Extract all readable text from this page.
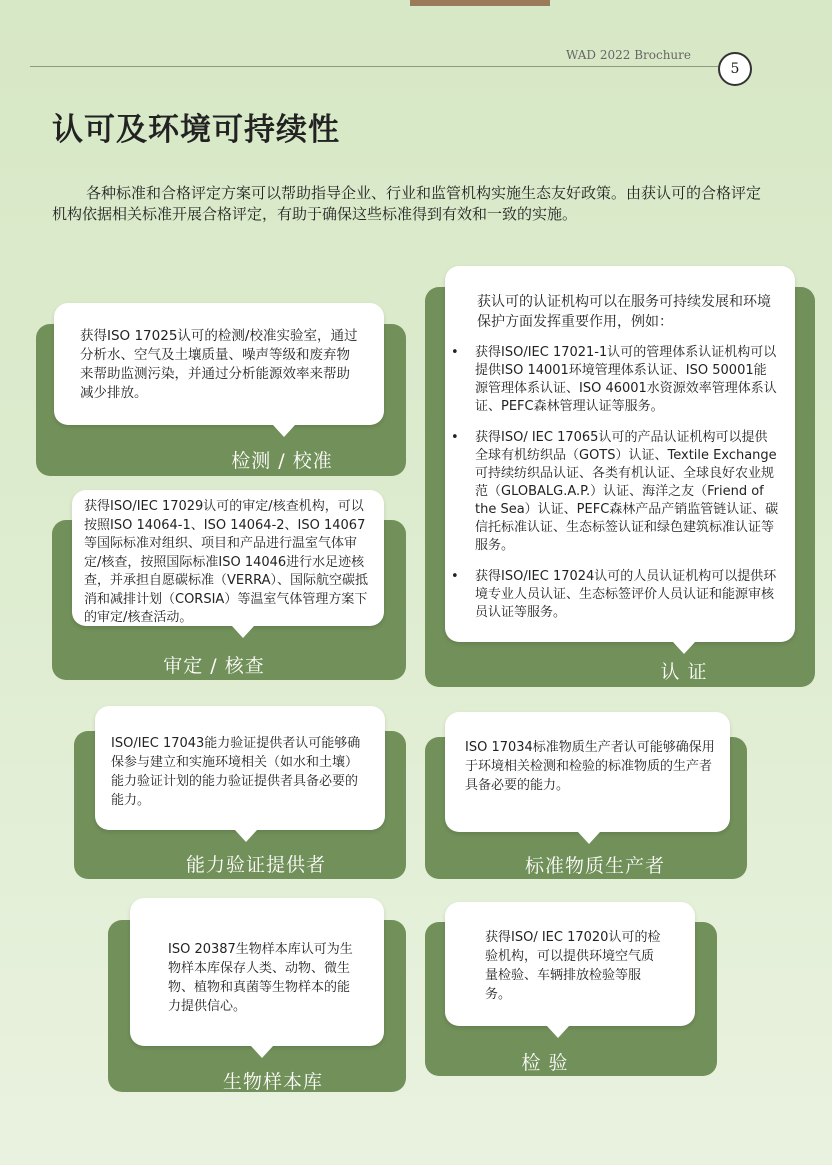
WAD 2022 Brochure
5
认可及环境可持续性
各种标准和合格评定方案可以帮助指导企业、行业和监管机构实施生态友好政策。由获认可的合格评定机构依据相关标准开展合格评定，有助于确保这些标准得到有效和一致的实施。
获得ISO 17025认可的检测/校准实验室，通过分析水、空气及土壤质量、噪声等级和废弃物来帮助监测污染，并通过分析能源效率来帮助减少排放。
检测 / 校准
获得ISO/IEC 17029认可的审定/核查机构，可以按照ISO 14064-1、ISO 14064-2、ISO 14067等国际标准对组织、项目和产品进行温室气体审定/核查，按照国际标准ISO 14046进行水足迹核查，并承担自愿碳标准（VERRA）、国际航空碳抵消和减排计划（CORSIA）等温室气体管理方案下的审定/核查活动。
审定 / 核查
获认可的认证机构可以在服务可持续发展和环境保护方面发挥重要作用，例如：
• 获得ISO/IEC 17021-1认可的管理体系认证机构可以提供ISO 14001环境管理体系认证、ISO 50001能源管理体系认证、ISO 46001水资源效率管理体系认证、PEFC森林管理认证等服务。
• 获得ISO/ IEC 17065认可的产品认证机构可以提供全球有机纺织品（GOTS）认证、Textile Exchange可持续纺织品认证、各类有机认证、全球良好农业规范（GLOBALG.A.P.）认证、海洋之友（Friend of the Sea）认证、PEFC森林产品产销监管链认证、碳信托标准认证、生态标签认证和绿色建筑标准认证等服务。
• 获得ISO/IEC 17024认可的人员认证机构可以提供环境专业人员认证、生态标签评价人员认证和能源审核员认证等服务。
认 证
ISO/IEC 17043能力验证提供者认可能够确保参与建立和实施环境相关（如水和土壤）能力验证计划的能力验证提供者具备必要的能力。
能力验证提供者
ISO 17034标准物质生产者认可能够确保用于环境相关检测和检验的标准物质的生产者具备必要的能力。
标准物质生产者
ISO 20387生物样本库认可为生物样本库保存人类、动物、微生物、植物和真菌等生物样本的能力提供信心。
生物样本库
获得ISO/ IEC 17020认可的检验机构，可以提供环境空气质量检验、车辆排放检验等服务。
检 验
